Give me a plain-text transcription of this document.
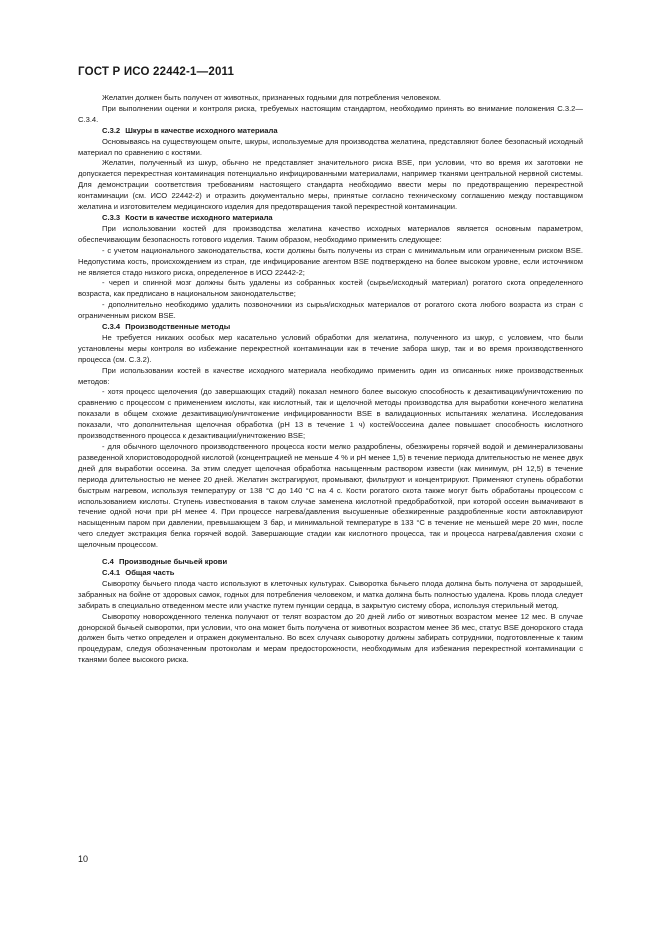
ГОСТ Р ИСО 22442-1—2011

Желатин должен быть получен от животных, признанных годными для потребления человеком.

При выполнении оценки и контроля риска, требуемых настоящим стандартом, необходимо принять во внимание положения С.3.2—С.3.4.

С.3.2 Шкуры в качестве исходного материала

Основываясь на существующем опыте, шкуры, используемые для производства желатина, представляют более безопасный исходный материал по сравнению с костями.

Желатин, полученный из шкур, обычно не представляет значительного риска BSE, при условии, что во время их заготовки не допускается перекрестная контаминация потенциально инфицированными материалами, например тканями центральной нервной системы. Для демонстрации соответствия требованиям настоящего стандарта необходимо ввести меры по предотвращению перекрестной контаминации (см. ИСО 22442-2) и отразить документально меры, принятые согласно техническому соглашению между поставщиком желатина и изготовителем медицинского изделия для предотвращения такой перекрестной контаминации.

С.3.3 Кости в качестве исходного материала

При использовании костей для производства желатина качество исходных материалов является основным параметром, обеспечивающим безопасность готового изделия. Таким образом, необходимо применить следующее:

- с учетом национального законодательства, кости должны быть получены из стран с минимальным или ограниченным риском BSE. Недопустима кость, происхождением из стран, где инфицирование агентом BSE подтверждено на более высоком уровне, если источником не является стадо низкого риска, определенное в ИСО 22442-2;

- череп и спинной мозг должны быть удалены из собранных костей (сырье/исходный материал) рогатого скота определенного возраста, как предписано в национальном законодательстве;

- дополнительно необходимо удалить позвоночники из сырья/исходных материалов от рогатого скота любого возраста из стран с ограниченным риском BSE.

С.3.4 Производственные методы

Не требуется никаких особых мер касательно условий обработки для желатина, полученного из шкур, с условием, что были установлены меры контроля во избежание перекрестной контаминации как в течение забора шкур, так и во время производственного процесса (см. С.3.2).

При использовании костей в качестве исходного материала необходимо применить один из описанных ниже производственных методов:

- хотя процесс щелочения (до завершающих стадий) показал немного более высокую способность к дезактивации/уничтожению по сравнению с процессом с применением кислоты, как кислотный, так и щелочной методы производства для выработки конечного желатина показали в общем схожие дезактивацию/уничтожение инфицированности BSE в валидационных испытаниях желатина. Исследования показали, что дополнительная щелочная обработка (pH 13 в течение 1 ч) костей/оссеина далее повышает способность кислотного производственного процесса к дезактивации/уничтожению BSE;

- для обычного щелочного производственного процесса кости мелко раздроблены, обезжирены горячей водой и деминерализованы разведенной хлористоводородной кислотой (концентрацией не меньше 4 % и pH менее 1,5) в течение периода длительностью не менее двух дней для выработки оссеина. За этим следует щелочная обработка насыщенным раствором извести (как минимум, pH 12,5) в течение периода длительностью не менее 20 дней. Желатин экстрагируют, промывают, фильтруют и концентрируют. Применяют ступень обработки быстрым нагревом, используя температуру от 138 °С до 140 °С на 4 с. Кости рогатого скота также могут быть обработаны процессом с использованием кислоты. Ступень известкования в таком случае заменена кислотной предобработкой, при которой оссеин вымачивают в течение одной ночи при pH менее 4. При процессе нагрева/давления высушенные обезжиренные раздробленные кости автоклавируют насыщенным паром при давлении, превышающем 3 бар, и минимальной температуре в 133 °С в течение не меньшей мере 20 мин, после чего следует экстракция белка горячей водой. Завершающие стадии как кислотного процесса, так и процесса нагрева/давления схожи с щелочным процессом.

С.4 Производные бычьей крови
С.4.1 Общая часть

Сыворотку бычьего плода часто используют в клеточных культурах. Сыворотка бычьего плода должна быть получена от зародышей, забранных на бойне от здоровых самок, годных для потребления человеком, и матка должна быть полностью удалена. Кровь плода следует забирать в специально отведенном месте или участке путем пункции сердца, в закрытую систему сбора, используя стерильный метод.

Сыворотку новорожденного теленка получают от телят возрастом до 20 дней либо от животных возрастом менее 12 мес. В случае донорской бычьей сыворотки, при условии, что она может быть получена от животных возрастом менее 36 мес, статус BSE донорского стада должен быть четко определен и отражен документально. Во всех случаях сыворотку должны забирать сотрудники, подготовленные к таким процедурам, следуя обозначенным протоколам и мерам предосторожности, необходимым для избежания перекрестной контаминации с тканями более высокого риска.

10
